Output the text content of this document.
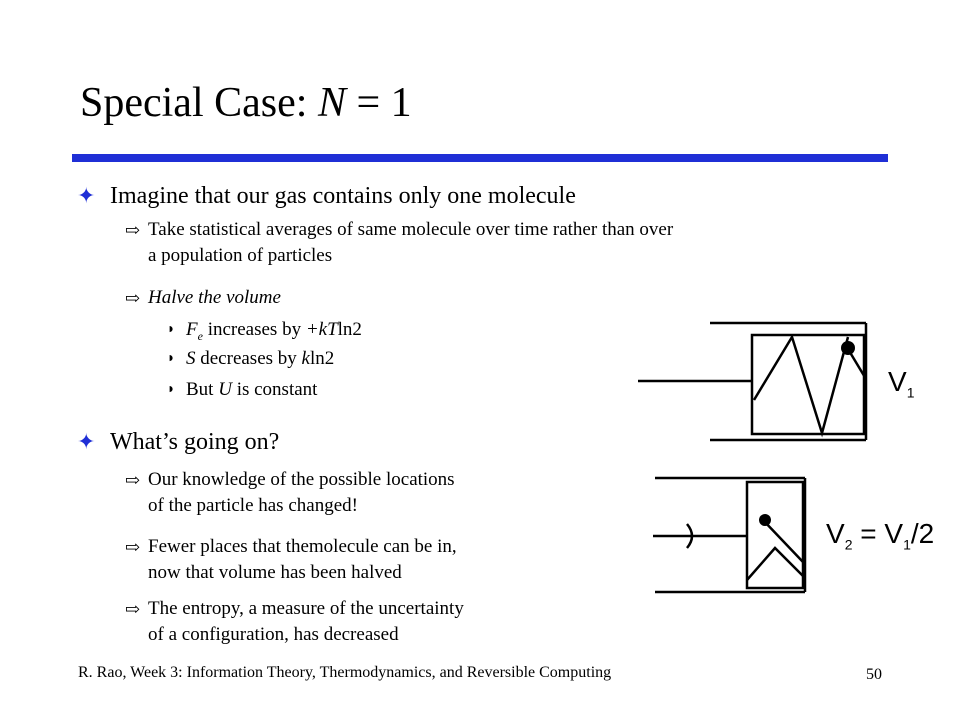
Special Case: N = 1
✦ Imagine that our gas contains only one molecule
⇨ Take statistical averages of same molecule over time rather than over
a population of particles
⇨ Halve the volume
◗ $F_e$ increases by +kTln2
◗ S decreases by kln2
◗ But U is constant
✦ What’s going on?
⇨ Our knowledge of the possible locations
of the particle has changed!
⇨ Fewer places that themolecule can be in,
now that volume has been halved
⇨ The entropy, a measure of the uncertainty
of a configuration, has decreased
$V_1$
$V_2 = V_1/2$
R. Rao, Week 3: Information Theory, Thermodynamics, and Reversible Computing	50
